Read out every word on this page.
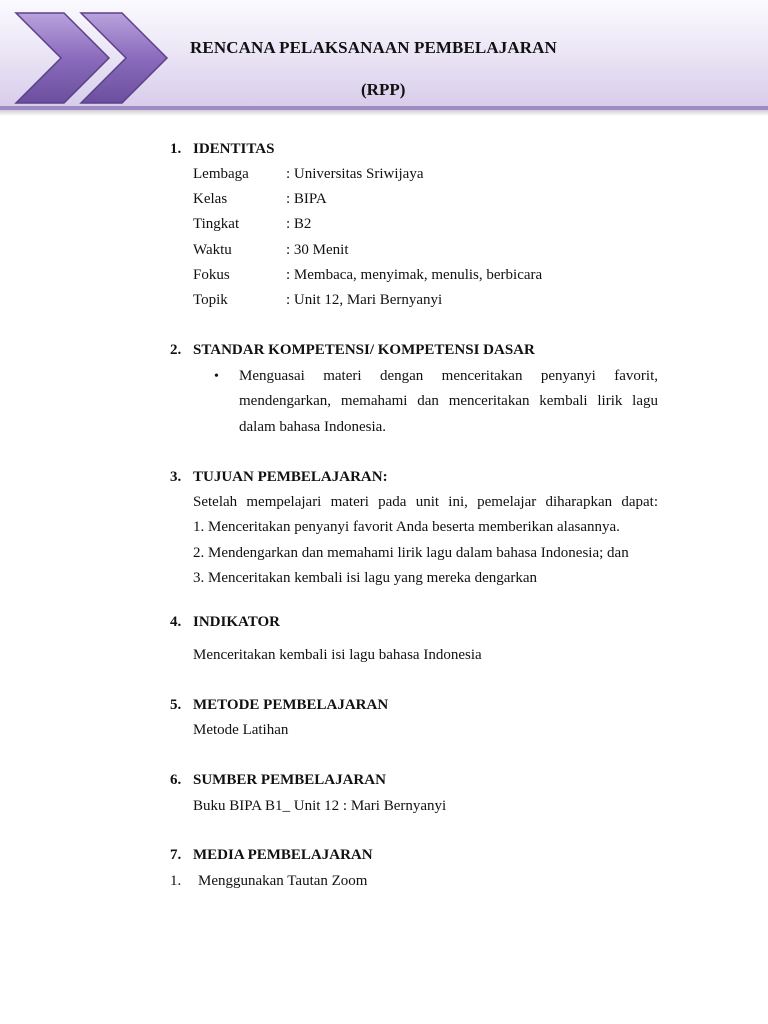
RENCANA PELAKSANAAN PEMBELAJARAN
(RPP)
1. IDENTITAS
Lembaga : Universitas Sriwijaya
Kelas	: BIPA
Tingkat	: B2
Waktu	: 30 Menit
Fokus	: Membaca, menyimak, menulis, berbicara
Topik	: Unit 12, Mari Bernyanyi
2. STANDAR KOMPETENSI/ KOMPETENSI DASAR
• Menguasai materi dengan menceritakan penyanyi favorit,
mendengarkan, memahami dan menceritakan kembali lirik lagu
dalam bahasa Indonesia.
3. TUJUAN PEMBELAJARAN:
Setelah mempelajari materi pada unit ini, pemelajar diharapkan dapat:
1. Menceritakan penyanyi favorit Anda beserta memberikan alasannya.
2. Mendengarkan dan memahami lirik lagu dalam bahasa Indonesia; dan
3. Menceritakan kembali isi lagu yang mereka dengarkan
4. INDIKATOR
Menceritakan kembali isi lagu bahasa Indonesia
5. METODE PEMBELAJARAN
Metode Latihan
6. SUMBER PEMBELAJARAN
Buku BIPA B1_ Unit 12 : Mari Bernyanyi
7. MEDIA PEMBELAJARAN
1. Menggunakan Tautan Zoom
